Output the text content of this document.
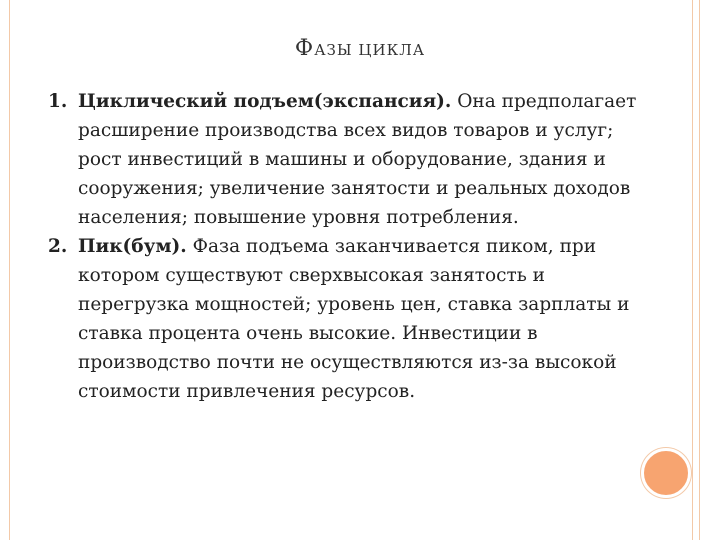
ФАЗЫ ЦИКЛА
1. Циклический подъем(экспансия). Она предполагает расширение производства всех видов товаров и услуг; рост инвестиций в машины и оборудование, здания и сооружения; увеличение занятости и реальных доходов населения; повышение уровня потребления.
2. Пик(бум). Фаза подъема заканчивается пиком, при котором существуют сверхвысокая занятость и перегрузка мощностей; уровень цен, ставка зарплаты и ставка процента очень высокие. Инвестиции в производство почти не осуществляются из-за высокой стоимости привлечения ресурсов.
